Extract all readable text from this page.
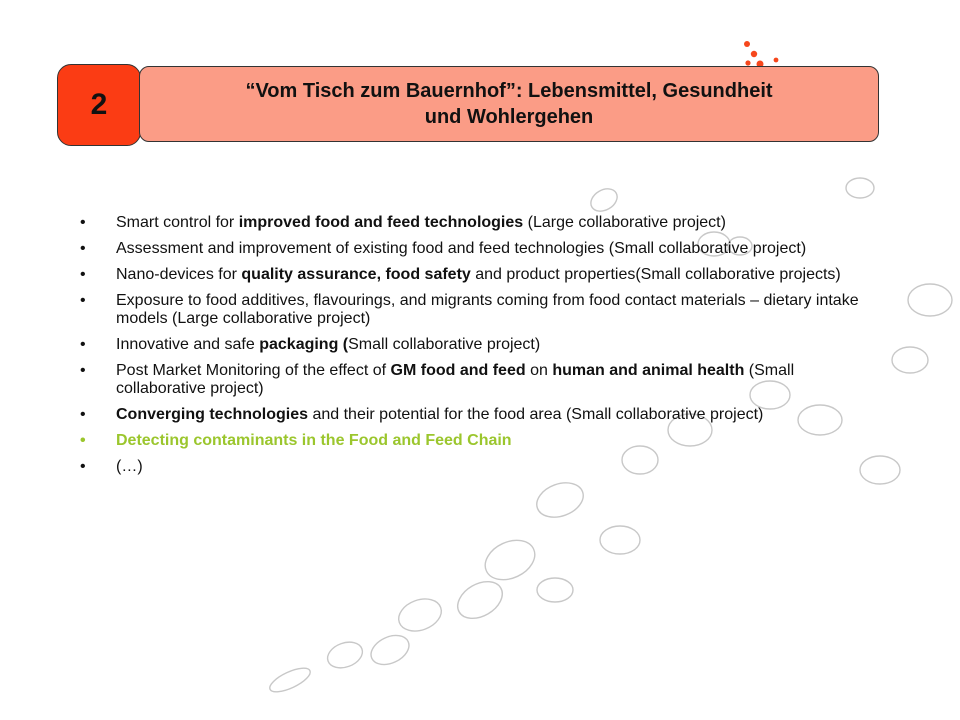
2	“Vom Tisch zum Bauernhof”: Lebensmittel, Gesundheit
und Wohlergehen
• Smart control for improved food and feed technologies (Large collaborative project)
• Assessment and improvement of existing food and feed technologies (Small collaborative project)
• Nano-devices for quality assurance, food safety and product properties(Small collaborative projects)
• Exposure to food additives, flavourings, and migrants coming from food contact materials – dietary intake models (Large collaborative project)
• Innovative and safe packaging (Small collaborative project)
• Post Market Monitoring of the effect of GM food and feed on human and animal health (Small collaborative project)
• Converging technologies and their potential for the food area (Small collaborative project)
• Detecting contaminants in the Food and Feed Chain
• (…)
